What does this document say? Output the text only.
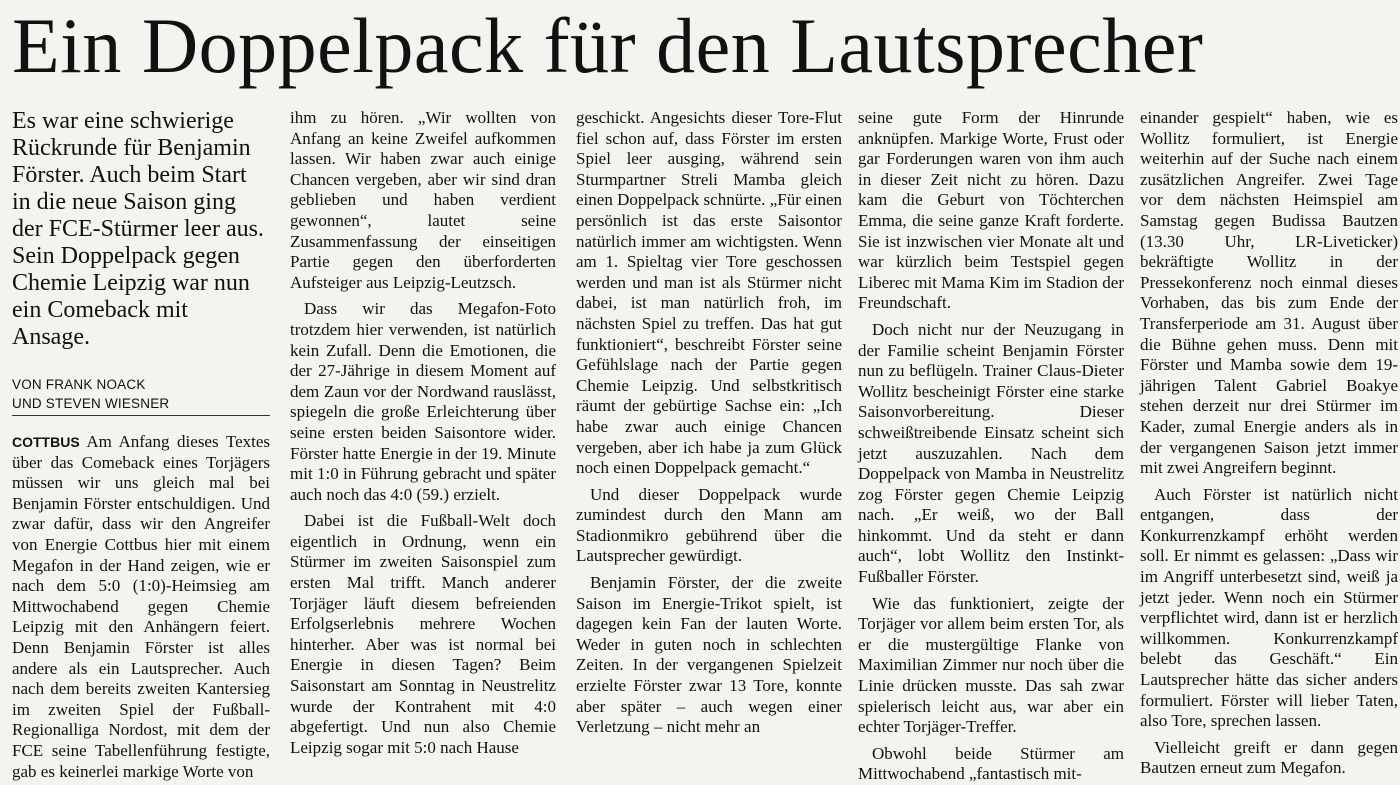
Ein Doppelpack für den Lautsprecher
Es war eine schwierige Rückrunde für Benjamin Förster. Auch beim Start in die neue Saison ging der FCE-Stürmer leer aus. Sein Doppelpack gegen Chemie Leipzig war nun ein Comeback mit Ansage.
VON FRANK NOACK
UND STEVEN WIESNER

COTTBUS Am Anfang dieses Textes über das Comeback eines Torjägers müssen wir uns gleich mal bei Benjamin Förster entschuldigen. Und zwar dafür, dass wir den Angreifer von Energie Cottbus hier mit einem Megafon in der Hand zeigen, wie er nach dem 5:0 (1:0)-Heimsieg am Mittwochabend gegen Chemie Leipzig mit den Anhängern feiert. Denn Benjamin Förster ist alles andere als ein Lautsprecher. Auch nach dem bereits zweiten Kantersieg im zweiten Spiel der Fußball-Regionalliga Nordost, mit dem der FCE seine Tabellenführung festigte, gab es keinerlei markige Worte von

ihm zu hören. „Wir wollten von Anfang an keine Zweifel aufkommen lassen. Wir haben zwar auch einige Chancen vergeben, aber wir sind dran geblieben und haben verdient gewonnen“, lautet seine Zusammenfassung der einseitigen Partie gegen den überforderten Aufsteiger aus Leipzig-Leutzsch.

Dass wir das Megafon-Foto trotzdem hier verwenden, ist natürlich kein Zufall. Denn die Emotionen, die der 27-Jährige in diesem Moment auf dem Zaun vor der Nordwand rauslässt, spiegeln die große Erleichterung über seine ersten beiden Saisontore wider. Förster hatte Energie in der 19. Minute mit 1:0 in Führung gebracht und später auch noch das 4:0 (59.) erzielt.

Dabei ist die Fußball-Welt doch eigentlich in Ordnung, wenn ein Stürmer im zweiten Saisonspiel zum ersten Mal trifft. Manch anderer Torjäger läuft diesem befreienden Erfolgserlebnis mehrere Wochen hinterher. Aber was ist normal bei Energie in diesen Tagen? Beim Saisonstart am Sonntag in Neustrelitz wurde der Kontrahent mit 4:0 abgefertigt. Und nun also Chemie Leipzig sogar mit 5:0 nach Hause

geschickt. Angesichts dieser Tore-Flut fiel schon auf, dass Förster im ersten Spiel leer ausging, während sein Sturmpartner Streli Mamba gleich einen Doppelpack schnürte. „Für einen persönlich ist das erste Saisontor natürlich immer am wichtigsten. Wenn am 1. Spieltag vier Tore geschossen werden und man ist als Stürmer nicht dabei, ist man natürlich froh, im nächsten Spiel zu treffen. Das hat gut funktioniert“, beschreibt Förster seine Gefühlslage nach der Partie gegen Chemie Leipzig. Und selbstkritisch räumt der gebürtige Sachse ein: „Ich habe zwar auch einige Chancen vergeben, aber ich habe ja zum Glück noch einen Doppelpack gemacht.“

Und dieser Doppelpack wurde zumindest durch den Mann am Stadionmikro gebührend über die Lautsprecher gewürdigt.

Benjamin Förster, der die zweite Saison im Energie-Trikot spielt, ist dagegen kein Fan der lauten Worte. Weder in guten noch in schlechten Zeiten. In der vergangenen Spielzeit erzielte Förster zwar 13 Tore, konnte aber später – auch wegen einer Verletzung – nicht mehr an

seine gute Form der Hinrunde anknüpfen. Markige Worte, Frust oder gar Forderungen waren von ihm auch in dieser Zeit nicht zu hören. Dazu kam die Geburt von Töchterchen Emma, die seine ganze Kraft forderte. Sie ist inzwischen vier Monate alt und war kürzlich beim Testspiel gegen Liberec mit Mama Kim im Stadion der Freundschaft.

Doch nicht nur der Neuzugang in der Familie scheint Benjamin Förster nun zu beflügeln. Trainer Claus-Dieter Wollitz bescheinigt Förster eine starke Saisonvorbereitung. Dieser schweißtreibende Einsatz scheint sich jetzt auszuzahlen. Nach dem Doppelpack von Mamba in Neustrelitz zog Förster gegen Chemie Leipzig nach. „Er weiß, wo der Ball hinkommt. Und da steht er dann auch“, lobt Wollitz den Instinkt-Fußballer Förster.

Wie das funktioniert, zeigte der Torjäger vor allem beim ersten Tor, als er die mustergültige Flanke von Maximilian Zimmer nur noch über die Linie drücken musste. Das sah zwar spielerisch leicht aus, war aber ein echter Torjäger-Treffer.

Obwohl beide Stürmer am Mittwochabend „fantastisch mit-

einander gespielt“ haben, wie es Wollitz formuliert, ist Energie weiterhin auf der Suche nach einem zusätzlichen Angreifer. Zwei Tage vor dem nächsten Heimspiel am Samstag gegen Budissa Bautzen (13.30 Uhr, LR-Liveticker) bekräftigte Wollitz in der Pressekonferenz noch einmal dieses Vorhaben, das bis zum Ende der Transferperiode am 31. August über die Bühne gehen muss. Denn mit Förster und Mamba sowie dem 19-jährigen Talent Gabriel Boakye stehen derzeit nur drei Stürmer im Kader, zumal Energie anders als in der vergangenen Saison jetzt immer mit zwei Angreifern beginnt.

Auch Förster ist natürlich nicht entgangen, dass der Konkurrenzkampf erhöht werden soll. Er nimmt es gelassen: „Dass wir im Angriff unterbesetzt sind, weiß ja jetzt jeder. Wenn noch ein Stürmer verpflichtet wird, dann ist er herzlich willkommen. Konkurrenzkampf belebt das Geschäft.“ Ein Lautsprecher hätte das sicher anders formuliert. Förster will lieber Taten, also Tore, sprechen lassen.

Vielleicht greift er dann gegen Bautzen erneut zum Megafon.
